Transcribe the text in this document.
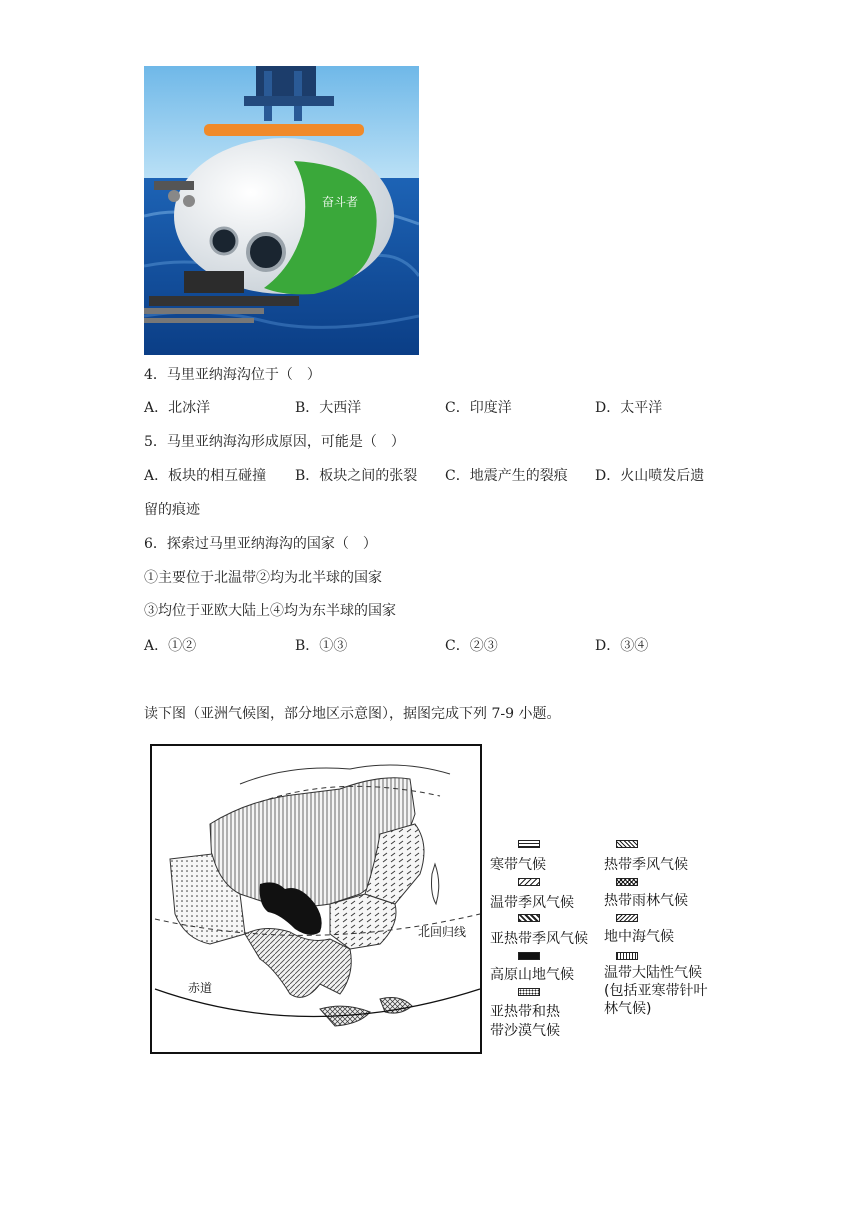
奋斗者
4．马里亚纳海沟位于（　）
A．北冰洋	B．大西洋	C．印度洋	D．太平洋
5．马里亚纳海沟形成原因，可能是（　）
A．板块的相互碰撞 B．板块之间的张裂 C．地震产生的裂痕 D．火山喷发后遗
留的痕迹
6．探索过马里亚纳海沟的国家（　）
①主要位于北温带②均为北半球的国家
③均位于亚欧大陆上④均为东半球的国家
A．①②	B．①③	C．②③	D．③④
读下图（亚洲气候图，部分地区示意图），据图完成下列 7-9 小题。
赤道
北回归线
寒带气候
温带季风气候
亚热带季风气候
高原山地气候
亚热带和热
带沙漠气候
热带季风气候
热带雨林气候
地中海气候
温带大陆性气候
(包括亚寒带针叶
林气候)
